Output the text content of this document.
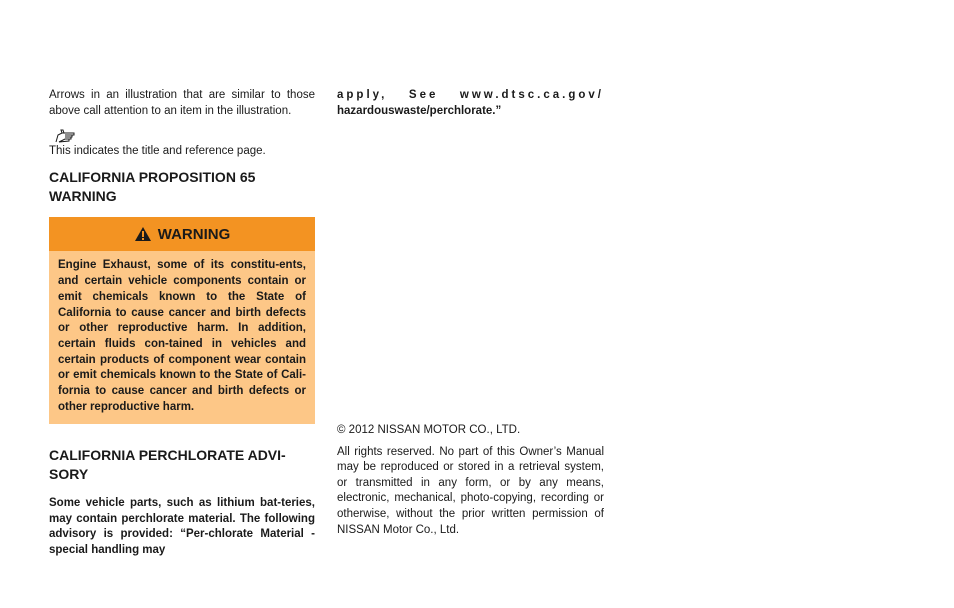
Arrows in an illustration that are similar to those above call attention to an item in the illustration.

This indicates the title and reference page.

CALIFORNIA PROPOSITION 65 WARNING
WARNING

Engine Exhaust, some of its constitu-ents, and certain vehicle components contain or emit chemicals known to the State of California to cause cancer and birth defects or other reproductive harm. In addition, certain fluids con-tained in vehicles and certain products of component wear contain or emit chemicals known to the State of Cali-fornia to cause cancer and birth defects or other reproductive harm.

CALIFORNIA PERCHLORATE ADVI-SORY

Some vehicle parts, such as lithium bat-teries, may contain perchlorate material. The following advisory is provided: “Per-chlorate Material - special handling may

apply, See www.dtsc.ca.gov/

hazardouswaste/perchlorate.”

© 2012 NISSAN MOTOR CO., LTD.

All rights reserved. No part of this Owner’s Manual may be reproduced or stored in a retrieval system, or transmitted in any form, or by any means, electronic, mechanical, photo-copying, recording or otherwise, without the prior written permission of NISSAN Motor Co., Ltd.
